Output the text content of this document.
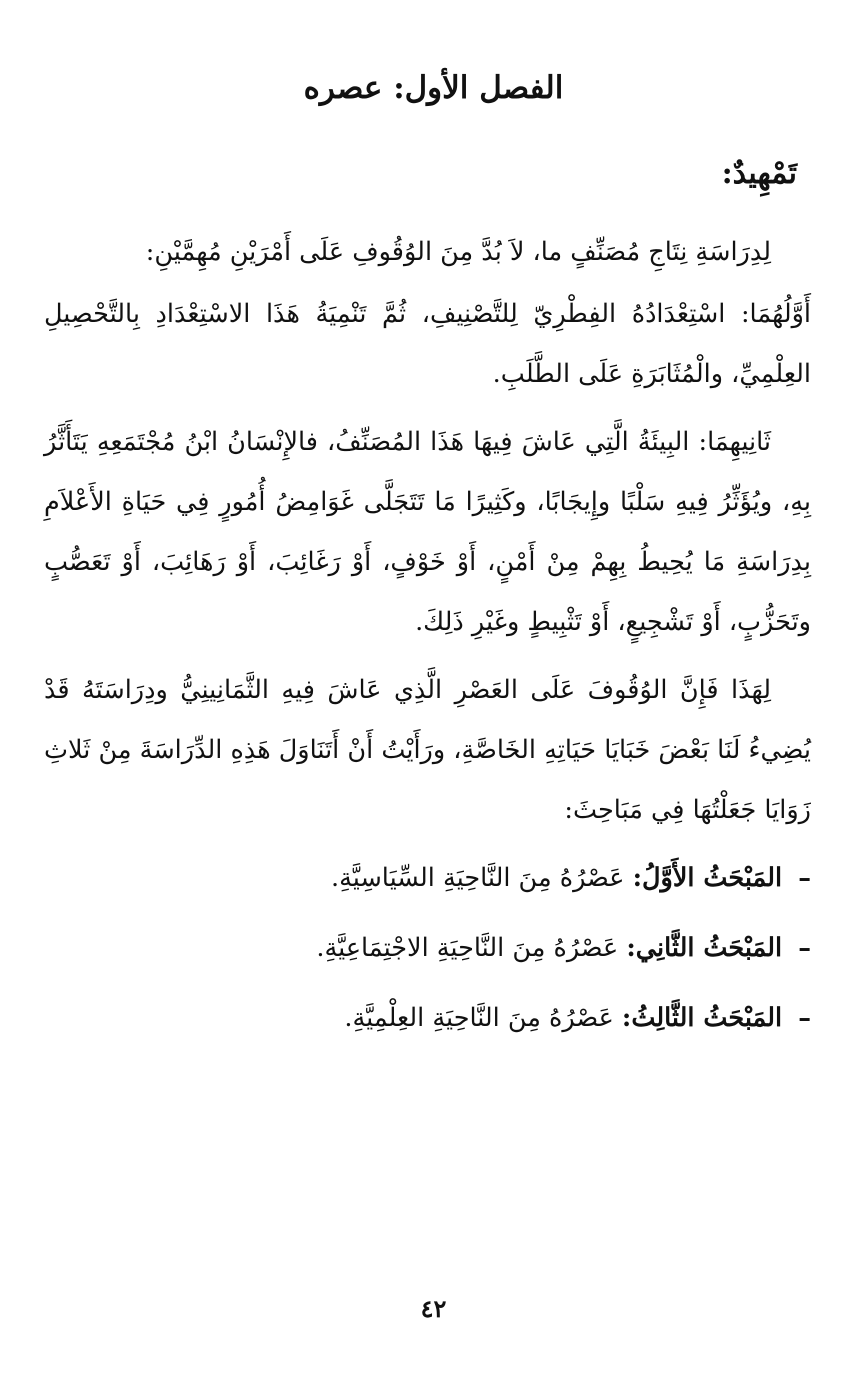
الفصل الأول: عصره
تَمْهِيدٌ:

لِدِرَاسَةِ نِتَاجِ مُصَنِّفٍ ما، لاَ بُدَّ مِنَ الوُقُوفِ عَلَى أَمْرَيْنِ مُهِمَّيْنِ:

أَوَّلُهُمَا: اسْتِعْدَادُهُ الفِطْرِيّ لِلتَّصْنِيفِ، ثُمَّ تَنْمِيَةُ هَذَا الاسْتِعْدَادِ بِالتَّحْصِيلِ العِلْمِيِّ، والْمُثَابَرَةِ عَلَى الطَّلَبِ.

ثَانِيهِمَا: البِيئَةُ الَّتِي عَاشَ فِيهَا هَذَا المُصَنِّفُ، فالإِنْسَانُ ابْنُ مُجْتَمَعِهِ يَتَأَثَّرُ بِهِ، ويُؤَثِّرُ فِيهِ سَلْبًا وإِيجَابًا، وكَثِيرًا مَا تَتَجَلَّى غَوَامِضُ أُمُورٍ فِي حَيَاةِ الأَعْلاَمِ بِدِرَاسَةِ مَا يُحِيطُ بِهِمْ مِنْ أَمْنٍ، أَوْ خَوْفٍ، أَوْ رَغَائِبَ، أَوْ رَهَائِبَ، أَوْ تَعَصُّبٍ وتَحَزُّبٍ، أَوْ تَشْجِيعٍ، أَوْ تَثْبِيطٍ وغَيْرِ ذَلِكَ.

لِهَذَا فَإِنَّ الوُقُوفَ عَلَى العَصْرِ الَّذِي عَاشَ فِيهِ الثَّمَانِينِيُّ ودِرَاسَتَهُ قَدْ يُضِيءُ لَنَا بَعْضَ خَبَايَا حَيَاتِهِ الخَاصَّةِ، ورَأَيْتُ أَنْ أَتَنَاوَلَ هَذِهِ الدِّرَاسَةَ مِنْ ثَلاثِ زَوَايَا جَعَلْتُهَا فِي مَبَاحِثَ:

– المَبْحَثُ الأَوَّلُ: عَصْرُهُ مِنَ النَّاحِيَةِ السِّيَاسِيَّةِ.
– المَبْحَثُ الثَّانِي: عَصْرُهُ مِنَ النَّاحِيَةِ الاجْتِمَاعِيَّةِ.
– المَبْحَثُ الثَّالِثُ: عَصْرُهُ مِنَ النَّاحِيَةِ العِلْمِيَّةِ.
٤٢
